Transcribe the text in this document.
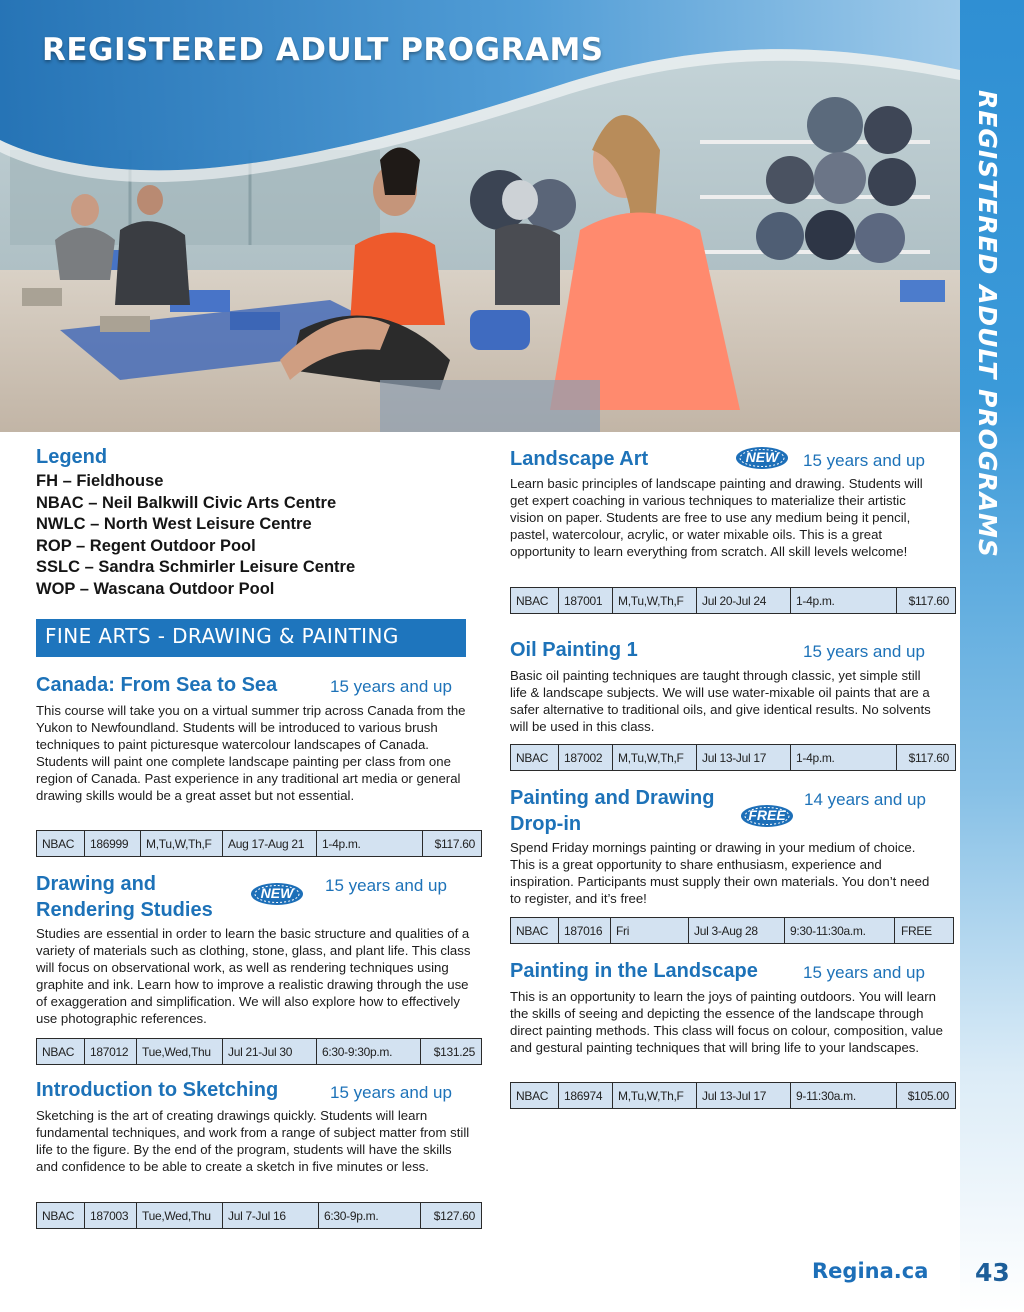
REGISTERED ADULT PROGRAMS
REGISTERED ADULT PROGRAMS
Legend
FH – Fieldhouse
NBAC – Neil Balkwill Civic Arts Centre
NWLC – North West Leisure Centre
ROP – Regent Outdoor Pool
SSLC – Sandra Schmirler Leisure Centre
WOP – Wascana Outdoor Pool
FINE ARTS - DRAWING & PAINTING
Canada: From Sea to Sea	15 years and up
This course will take you on a virtual summer trip across Canada from the Yukon to Newfoundland. Students will be introduced to various brush techniques to paint picturesque watercolour landscapes of Canada. Students will paint one complete landscape painting per class from one region of Canada. Past experience in any traditional art media or general drawing skills would be a great asset but not essential.
NBAC	186999	M,Tu,W,Th,F	Aug 17-Aug 21	1-4p.m.	$117.60
Drawing and
Rendering Studies
NEW	15 years and up
Studies are essential in order to learn the basic structure and qualities of a variety of materials such as clothing, stone, glass, and plant life. This class will focus on observational work, as well as rendering techniques using graphite and ink. Learn how to improve a realistic drawing through the use of exaggeration and simplification. We will also explore how to effectively use photographic references.
NBAC	187012	Tue,Wed,Thu	Jul 21-Jul 30	6:30-9:30p.m.	$131.25
Introduction to Sketching	15 years and up
Sketching is the art of creating drawings quickly. Students will learn fundamental techniques, and work from a range of subject matter from still life to the figure. By the end of the program, students will have the skills and confidence to be able to create a sketch in five minutes or less.
NBAC	187003	Tue,Wed,Thu	Jul 7-Jul 16	6:30-9p.m.	$127.60
Landscape Art	NEW	15 years and up
Learn basic principles of landscape painting and drawing. Students will get expert coaching in various techniques to materialize their artistic vision on paper. Students are free to use any medium being it pencil, pastel, watercolour, acrylic, or water mixable oils. This is a great opportunity to learn everything from scratch. All skill levels welcome!
NBAC	187001	M,Tu,W,Th,F	Jul 20-Jul 24	1-4p.m.	$117.60
Oil Painting 1	15 years and up
Basic oil painting techniques are taught through classic, yet simple still life & landscape subjects. We will use water-mixable oil paints that are a safer alternative to traditional oils, and give identical results. No solvents will be used in this class.
NBAC	187002	M,Tu,W,Th,F	Jul 13-Jul 17	1-4p.m.	$117.60
Painting and Drawing
Drop-in	FREE
14 years and up
Spend Friday mornings painting or drawing in your medium of choice. This is a great opportunity to share enthusiasm, experience and inspiration. Participants must supply their own materials. You don’t need to register, and it’s free!
NBAC	187016	Fri	Jul 3-Aug 28	9:30-11:30a.m.	FREE
Painting in the Landscape	15 years and up
This is an opportunity to learn the joys of painting outdoors. You will learn the skills of seeing and depicting the essence of the landscape through direct painting methods. This class will focus on colour, composition, value and gestural painting techniques that will bring life to your landscapes.
NBAC	186974	M,Tu,W,Th,F	Jul 13-Jul 17	9-11:30a.m.	$105.00
Regina.ca 43
